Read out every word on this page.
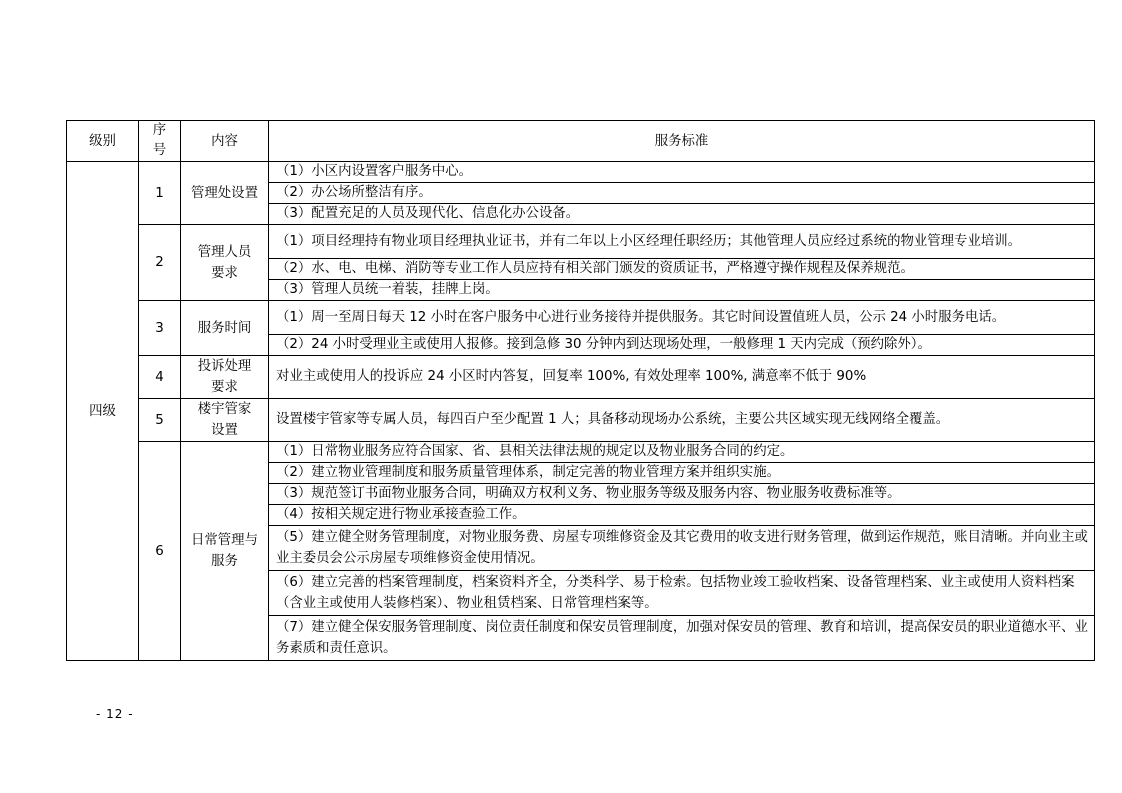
级别	序号	内容	服务标准
四级	1	管理处设置	（1）小区内设置客户服务中心。
			（2）办公场所整洁有序。
			（3）配置充足的人员及现代化、信息化办公设备。
	2	管理人员要求	（1）项目经理持有物业项目经理执业证书，并有二年以上小区经理任职经历；其他管理人员应经过系统的物业管理专业培训。
			（2）水、电、电梯、消防等专业工作人员应持有相关部门颁发的资质证书，严格遵守操作规程及保养规范。
			（3）管理人员统一着装，挂牌上岗。
	3	服务时间	（1）周一至周日每天 12 小时在客户服务中心进行业务接待并提供服务。其它时间设置值班人员，公示 24 小时服务电话。
			（2）24 小时受理业主或使用人报修。接到急修 30 分钟内到达现场处理，一般修理 1 天内完成（预约除外）。
	4	投诉处理要求	对业主或使用人的投诉应 24 小区时内答复，回复率 100%, 有效处理率 100%, 满意率不低于 90%
	5	楼宇管家设置	设置楼宇管家等专属人员，每四百户至少配置 1 人；具备移动现场办公系统，主要公共区域实现无线网络全覆盖。
	6	日常管理与服务	（1）日常物业服务应符合国家、省、县相关法律法规的规定以及物业服务合同的约定。
			（2）建立物业管理制度和服务质量管理体系，制定完善的物业管理方案并组织实施。
			（3）规范签订书面物业服务合同，明确双方权利义务、物业服务等级及服务内容、物业服务收费标准等。
			（4）按相关规定进行物业承接查验工作。
			（5）建立健全财务管理制度，对物业服务费、房屋专项维修资金及其它费用的收支进行财务管理，做到运作规范，账目清晰。并向业主或业主委员会公示房屋专项维修资金使用情况。
			（6）建立完善的档案管理制度，档案资料齐全，分类科学、易于检索。包括物业竣工验收档案、设备管理档案、业主或使用人资料档案（含业主或使用人装修档案）、物业租赁档案、日常管理档案等。
			（7）建立健全保安服务管理制度、岗位责任制度和保安员管理制度，加强对保安员的管理、教育和培训，提高保安员的职业道德水平、业务素质和责任意识。
- 12 -
